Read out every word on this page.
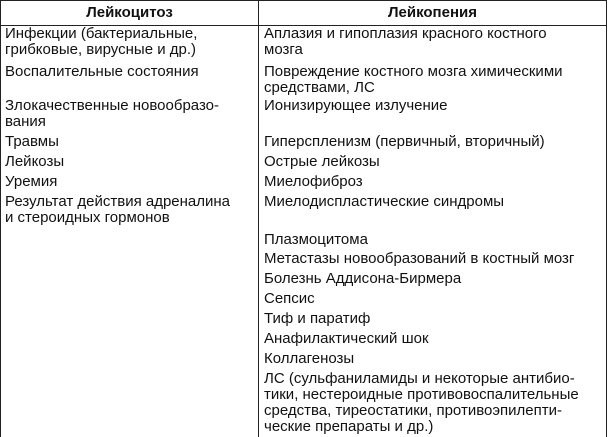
Лейкоцитоз	Лейкопения
Инфекции (бактериальные,
грибковые, вирусные и др.)
Воспалительные состояния
Злокачественные новообразо-
вания
Травмы
Лейкозы
Уремия
Результат действия адреналина
и стероидных гормонов
Аплазия и гипоплазия красного костного
мозга
Повреждение костного мозга химическими
средствами, ЛС
Ионизирующее излучение
Гиперспленизм (первичный, вторичный)
Острые лейкозы
Миелофиброз
Миелодиспластические синдромы
Плазмоцитома
Метастазы новообразований в костный мозг
Болезнь Аддисона-Бирмера
Сепсис
Тиф и паратиф
Анафилактический шок
Коллагенозы
ЛС (сульфаниламиды и некоторые антибио-
тики, нестероидные противовоспалительные
средства, тиреостатики, противоэпилепти-
ческие препараты и др.)
